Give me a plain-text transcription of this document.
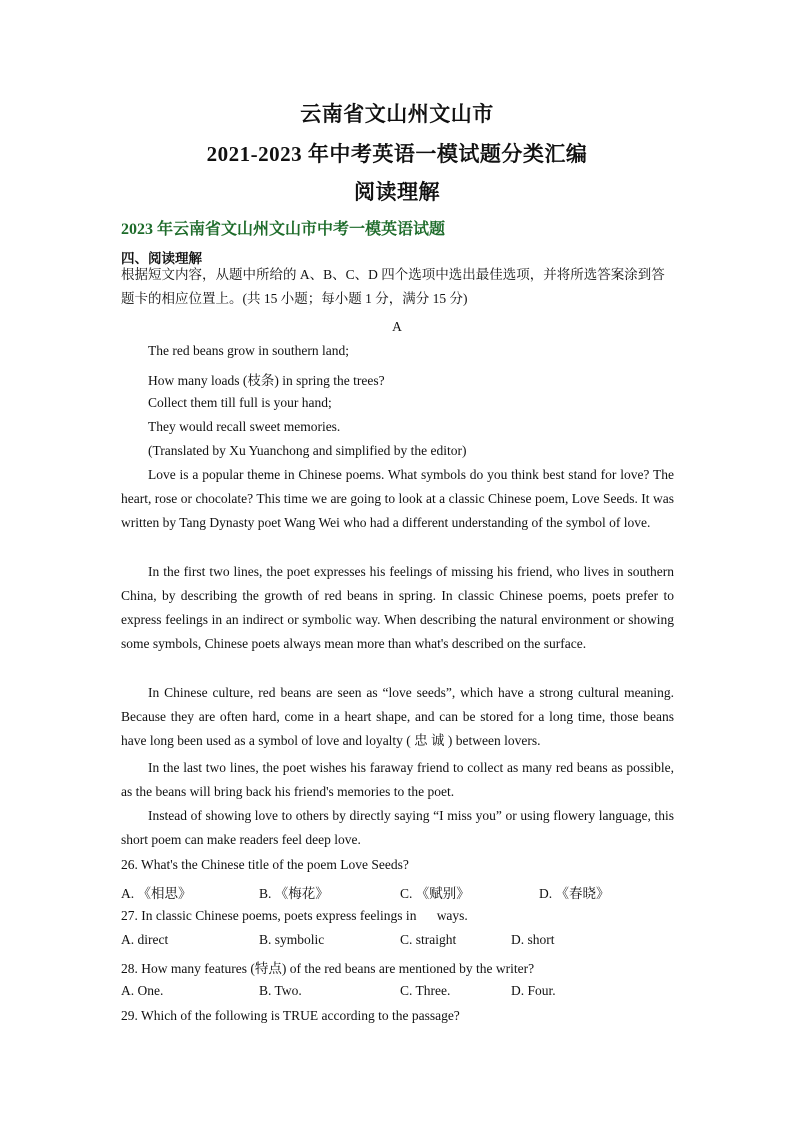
云南省文山州文山市
2021-2023 年中考英语一模试题分类汇编
阅读理解
2023 年云南省文山州文山市中考一模英语试题
四、阅读理解
根据短文内容，从题中所给的 A、B、C、D 四个选项中选出最佳选项，并将所选答案涂到答题卡的相应位置上。(共 15 小题；每小题 1 分，满分 15 分)
A
The red beans grow in southern land;
How many loads (枝条) in spring the trees?
Collect them till full is your hand;
They would recall sweet memories.
(Translated by Xu Yuanchong and simplified by the editor)
Love is a popular theme in Chinese poems. What symbols do you think best stand for love? The heart, rose or chocolate? This time we are going to look at a classic Chinese poem, Love Seeds. It was written by Tang Dynasty poet Wang Wei who had a different understanding of the symbol of love.
In the first two lines, the poet expresses his feelings of missing his friend, who lives in southern China, by describing the growth of red beans in spring. In classic Chinese poems, poets prefer to express feelings in an indirect or symbolic way. When describing the natural environment or showing some symbols, Chinese poets always mean more than what's described on the surface.
In Chinese culture, red beans are seen as “love seeds”, which have a strong cultural meaning. Because they are often hard, come in a heart shape, and can be stored for a long time, those beans have long been used as a symbol of love and loyalty ( 忠 诚 ) between lovers.
In the last two lines, the poet wishes his faraway friend to collect as many red beans as possible, as the beans will bring back his friend's memories to the poet.
Instead of showing love to others by directly saying “I miss you” or using flowery language, this short poem can make readers feel deep love.
26. What's the Chinese title of the poem Love Seeds?
A. 《相思》	B. 《梅花》	C. 《赋别》	D. 《春晓》
27. In classic Chinese poems, poets express feelings in      ways.
A. direct	B. symbolic	C. straight	D. short
28. How many features (特点) of the red beans are mentioned by the writer?
A. One.	B. Two.	C. Three.	D. Four.
29. Which of the following is TRUE according to the passage?
